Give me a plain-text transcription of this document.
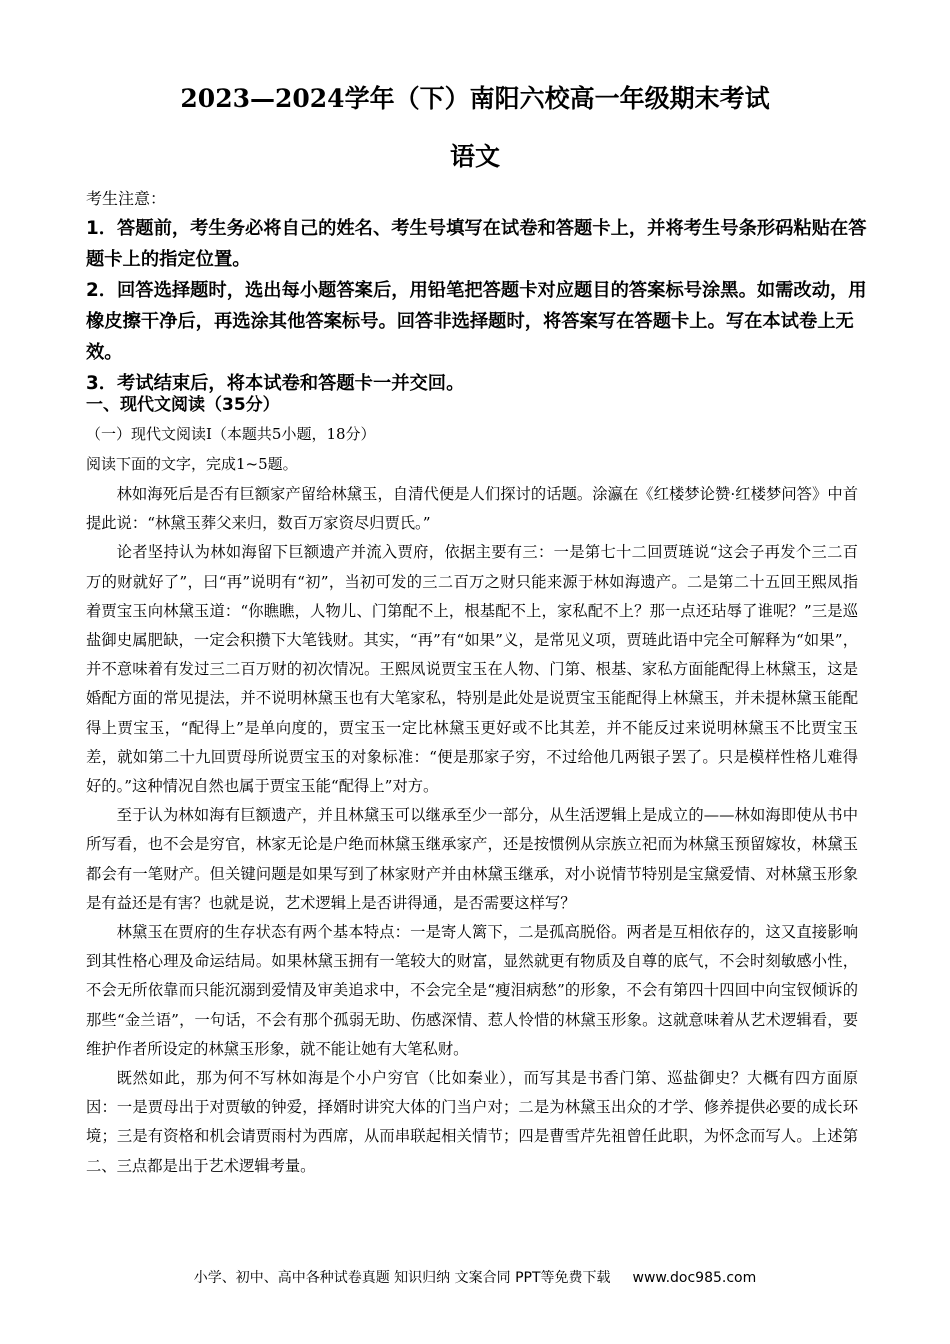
2023—2024学年（下）南阳六校高一年级期末考试
语文

考生注意：

1．答题前，考生务必将自己的姓名、考生号填写在试卷和答题卡上，并将考生号条形码粘贴在答题卡上的指定位置。

2．回答选择题时，选出每小题答案后，用铅笔把答题卡对应题目的答案标号涂黑。如需改动，用橡皮擦干净后，再选涂其他答案标号。回答非选择题时，将答案写在答题卡上。写在本试卷上无效。

3．考试结束后，将本试卷和答题卡一并交回。

一、现代文阅读（35分）
（一）现代文阅读Ⅰ（本题共5小题，18分）
阅读下面的文字，完成1~5题。

林如海死后是否有巨额家产留给林黛玉，自清代便是人们探讨的话题。涂瀛在《红楼梦论赞·红楼梦问答》中首提此说：“林黛玉葬父来归，数百万家资尽归贾氏。”

论者坚持认为林如海留下巨额遗产并流入贾府，依据主要有三：一是第七十二回贾琏说“这会子再发个三二百万的财就好了”，曰“再”说明有“初”，当初可发的三二百万之财只能来源于林如海遗产。二是第二十五回王熙凤指着贾宝玉向林黛玉道：“你瞧瞧，人物儿、门第配不上，根基配不上，家私配不上？那一点还玷辱了谁呢？”三是巡盐御史属肥缺，一定会积攒下大笔钱财。其实，“再”有“如果”义，是常见义项，贾琏此语中完全可解释为“如果”，并不意味着有发过三二百万财的初次情况。王熙凤说贾宝玉在人物、门第、根基、家私方面能配得上林黛玉，这是婚配方面的常见提法，并不说明林黛玉也有大笔家私，特别是此处是说贾宝玉能配得上林黛玉，并未提林黛玉能配得上贾宝玉，“配得上”是单向度的，贾宝玉一定比林黛玉更好或不比其差，并不能反过来说明林黛玉不比贾宝玉差，就如第二十九回贾母所说贾宝玉的对象标准：“便是那家子穷，不过给他几两银子罢了。只是模样性格儿难得好的。”这种情况自然也属于贾宝玉能“配得上”对方。

至于认为林如海有巨额遗产，并且林黛玉可以继承至少一部分，从生活逻辑上是成立的——林如海即使从书中所写看，也不会是穷官，林家无论是户绝而林黛玉继承家产，还是按惯例从宗族立祀而为林黛玉预留嫁妆，林黛玉都会有一笔财产。但关键问题是如果写到了林家财产并由林黛玉继承，对小说情节特别是宝黛爱情、对林黛玉形象是有益还是有害？也就是说，艺术逻辑上是否讲得通，是否需要这样写？

林黛玉在贾府的生存状态有两个基本特点：一是寄人篱下，二是孤高脱俗。两者是互相依存的，这又直接影响到其性格心理及命运结局。如果林黛玉拥有一笔较大的财富，显然就更有物质及自尊的底气，不会时刻敏感小性，不会无所依靠而只能沉溺到爱情及审美追求中，不会完全是“瘦泪病愁”的形象，不会有第四十四回中向宝钗倾诉的那些“金兰语”，一句话，不会有那个孤弱无助、伤感深情、惹人怜惜的林黛玉形象。这就意味着从艺术逻辑看，要维护作者所设定的林黛玉形象，就不能让她有大笔私财。

既然如此，那为何不写林如海是个小户穷官（比如秦业），而写其是书香门第、巡盐御史？大概有四方面原因：一是贾母出于对贾敏的钟爱，择婿时讲究大体的门当户对；二是为林黛玉出众的才学、修养提供必要的成长环境；三是有资格和机会请贾雨村为西席，从而串联起相关情节；四是曹雪芹先祖曾任此职，为怀念而写人。上述第二、三点都是出于艺术逻辑考量。

小学、初中、高中各种试卷真题 知识归纳 文案合同 PPT等免费下载 www.doc985.com
